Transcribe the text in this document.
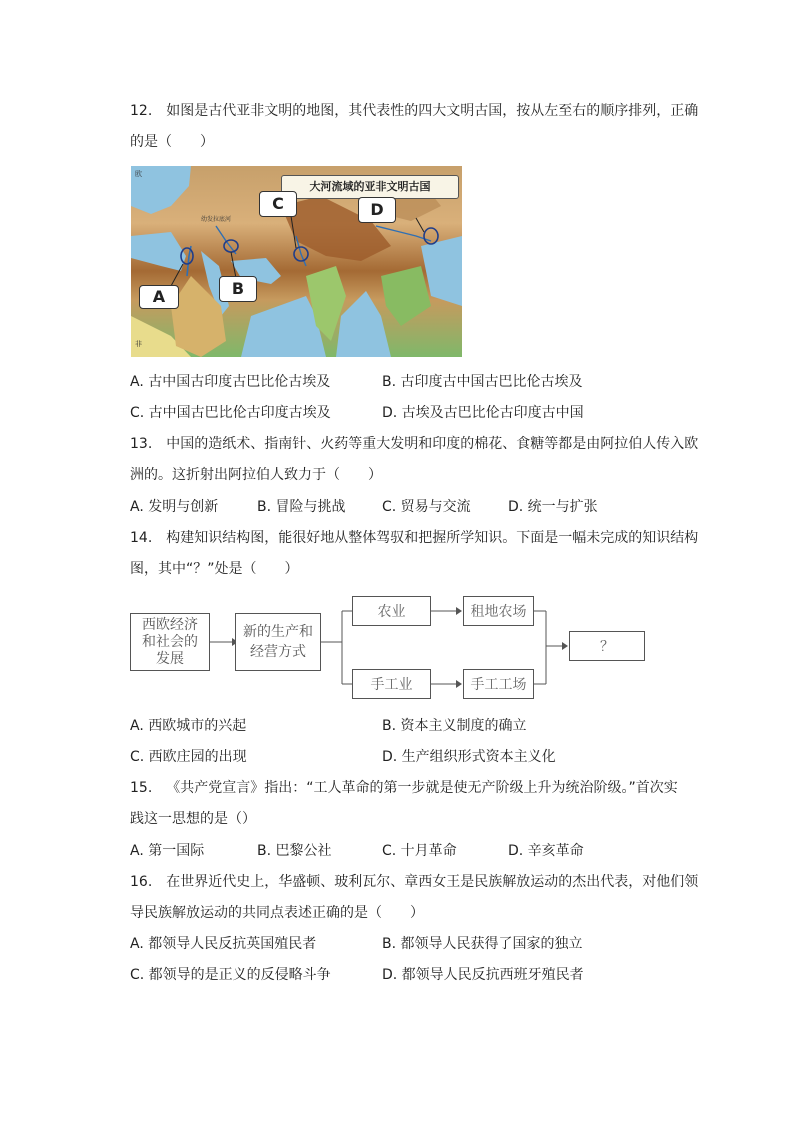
12. 如图是古代亚非文明的地图，其代表性的四大文明古国，按从左至右的顺序排列，正确
的是（　　）
欧
幼发拉底河
非
大河流域的亚非文明古国
A	B
C	D
A. 古中国古印度古巴比伦古埃及	B. 古印度古中国古巴比伦古埃及
C. 古中国古巴比伦古印度古埃及	D. 古埃及古巴比伦古印度古中国
13. 中国的造纸术、指南针、火药等重大发明和印度的棉花、食糖等都是由阿拉伯人传入欧
洲的。这折射出阿拉伯人致力于（　　）
A. 发明与创新	B. 冒险与挑战	C. 贸易与交流	D. 统一与扩张
14. 构建知识结构图，能很好地从整体驾驭和把握所学知识。下面是一幅未完成的知识结构
图，其中“？”处是（　　）
西欧经济
和社会的
发展
新的生产和
经营方式
农业	租地农场
手工业	手工工场
？
A. 西欧城市的兴起	B. 资本主义制度的确立
C. 西欧庄园的出现	D. 生产组织形式资本主义化
15. 《共产党宣言》指出：“工人革命的第一步就是使无产阶级上升为统治阶级。”首次实
践这一思想的是（）
A. 第一国际	B. 巴黎公社	C. 十月革命	D. 辛亥革命
16. 在世界近代史上，华盛顿、玻利瓦尔、章西女王是民族解放运动的杰出代表，对他们领
导民族解放运动的共同点表述正确的是（　　）
A. 都领导人民反抗英国殖民者	B. 都领导人民获得了国家的独立
C. 都领导的是正义的反侵略斗争	D. 都领导人民反抗西班牙殖民者
